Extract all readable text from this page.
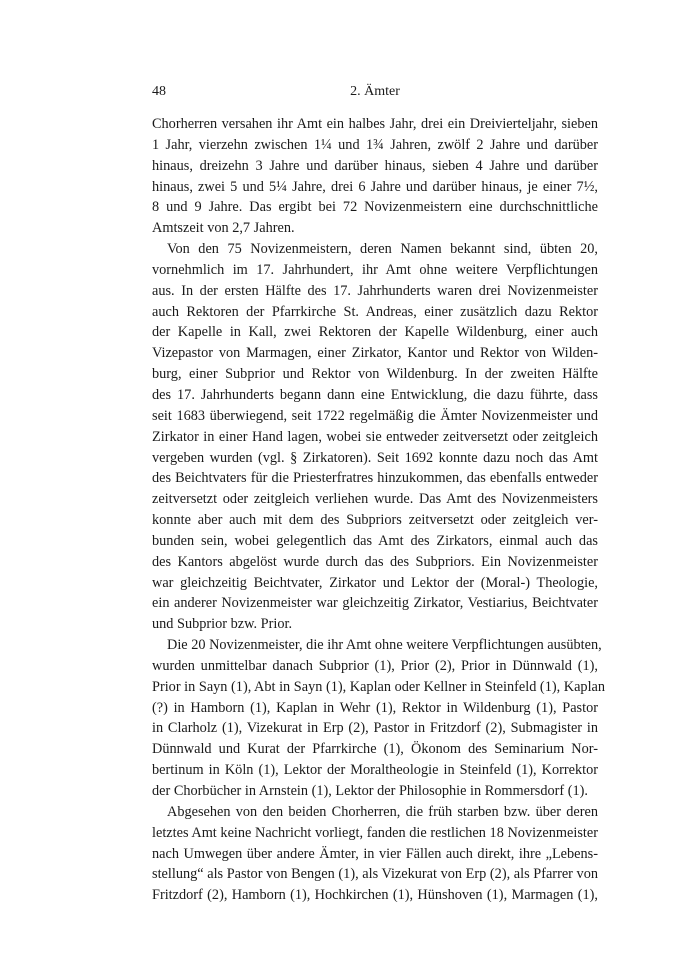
48	2. Ämter

Chorherren versahen ihr Amt ein halbes Jahr, drei ein Dreivierteljahr, sieben
1 Jahr, vierzehn zwischen 1¼ und 1¾ Jahren, zwölf 2 Jahre und darüber
hinaus, dreizehn 3 Jahre und darüber hinaus, sieben 4 Jahre und darüber
hinaus, zwei 5 und 5¼ Jahre, drei 6 Jahre und darüber hinaus, je einer 7½,
8 und 9 Jahre. Das ergibt bei 72 Novizenmeistern eine durchschnittliche
Amtszeit von 2,7 Jahren.

Von den 75 Novizenmeistern, deren Namen bekannt sind, übten 20,
vornehmlich im 17. Jahrhundert, ihr Amt ohne weitere Verpflichtungen
aus. In der ersten Hälfte des 17. Jahrhunderts waren drei Novizenmeister
auch Rektoren der Pfarrkirche St. Andreas, einer zusätzlich dazu Rektor
der Kapelle in Kall, zwei Rektoren der Kapelle Wildenburg, einer auch
Vizepastor von Marmagen, einer Zirkator, Kantor und Rektor von Wilden-
burg, einer Subprior und Rektor von Wildenburg. In der zweiten Hälfte
des 17. Jahrhunderts begann dann eine Entwicklung, die dazu führte, dass
seit 1683 überwiegend, seit 1722 regelmäßig die Ämter Novizenmeister und
Zirkator in einer Hand lagen, wobei sie entweder zeitversetzt oder zeitgleich
vergeben wurden (vgl. § Zirkatoren). Seit 1692 konnte dazu noch das Amt
des Beichtvaters für die Priesterfratres hinzukommen, das ebenfalls entweder
zeitversetzt oder zeitgleich verliehen wurde. Das Amt des Novizenmeisters
konnte aber auch mit dem des Subpriors zeitversetzt oder zeitgleich ver-
bunden sein, wobei gelegentlich das Amt des Zirkators, einmal auch das
des Kantors abgelöst wurde durch das des Subpriors. Ein Novizenmeister
war gleichzeitig Beichtvater, Zirkator und Lektor der (Moral-) Theologie,
ein anderer Novizenmeister war gleichzeitig Zirkator, Vestiarius, Beichtvater
und Subprior bzw. Prior.

Die 20 Novizenmeister, die ihr Amt ohne weitere Verpflichtungen ausübten,
wurden unmittelbar danach Subprior (1), Prior (2), Prior in Dünnwald (1),
Prior in Sayn (1), Abt in Sayn (1), Kaplan oder Kellner in Steinfeld (1), Kaplan
(?) in Hamborn (1), Kaplan in Wehr (1), Rektor in Wildenburg (1), Pastor
in Clarholz (1), Vizekurat in Erp (2), Pastor in Fritzdorf (2), Submagister in
Dünnwald und Kurat der Pfarrkirche (1), Ökonom des Seminarium Nor-
bertinum in Köln (1), Lektor der Moraltheologie in Steinfeld (1), Korrektor
der Chorbücher in Arnstein (1), Lektor der Philosophie in Rommersdorf (1).

Abgesehen von den beiden Chorherren, die früh starben bzw. über deren
letztes Amt keine Nachricht vorliegt, fanden die restlichen 18 Novizenmeister
nach Umwegen über andere Ämter, in vier Fällen auch direkt, ihre „Lebens-
stellung“ als Pastor von Bengen (1), als Vizekurat von Erp (2), als Pfarrer von
Fritzdorf (2), Hamborn (1), Hochkirchen (1), Hünshoven (1), Marmagen (1),
